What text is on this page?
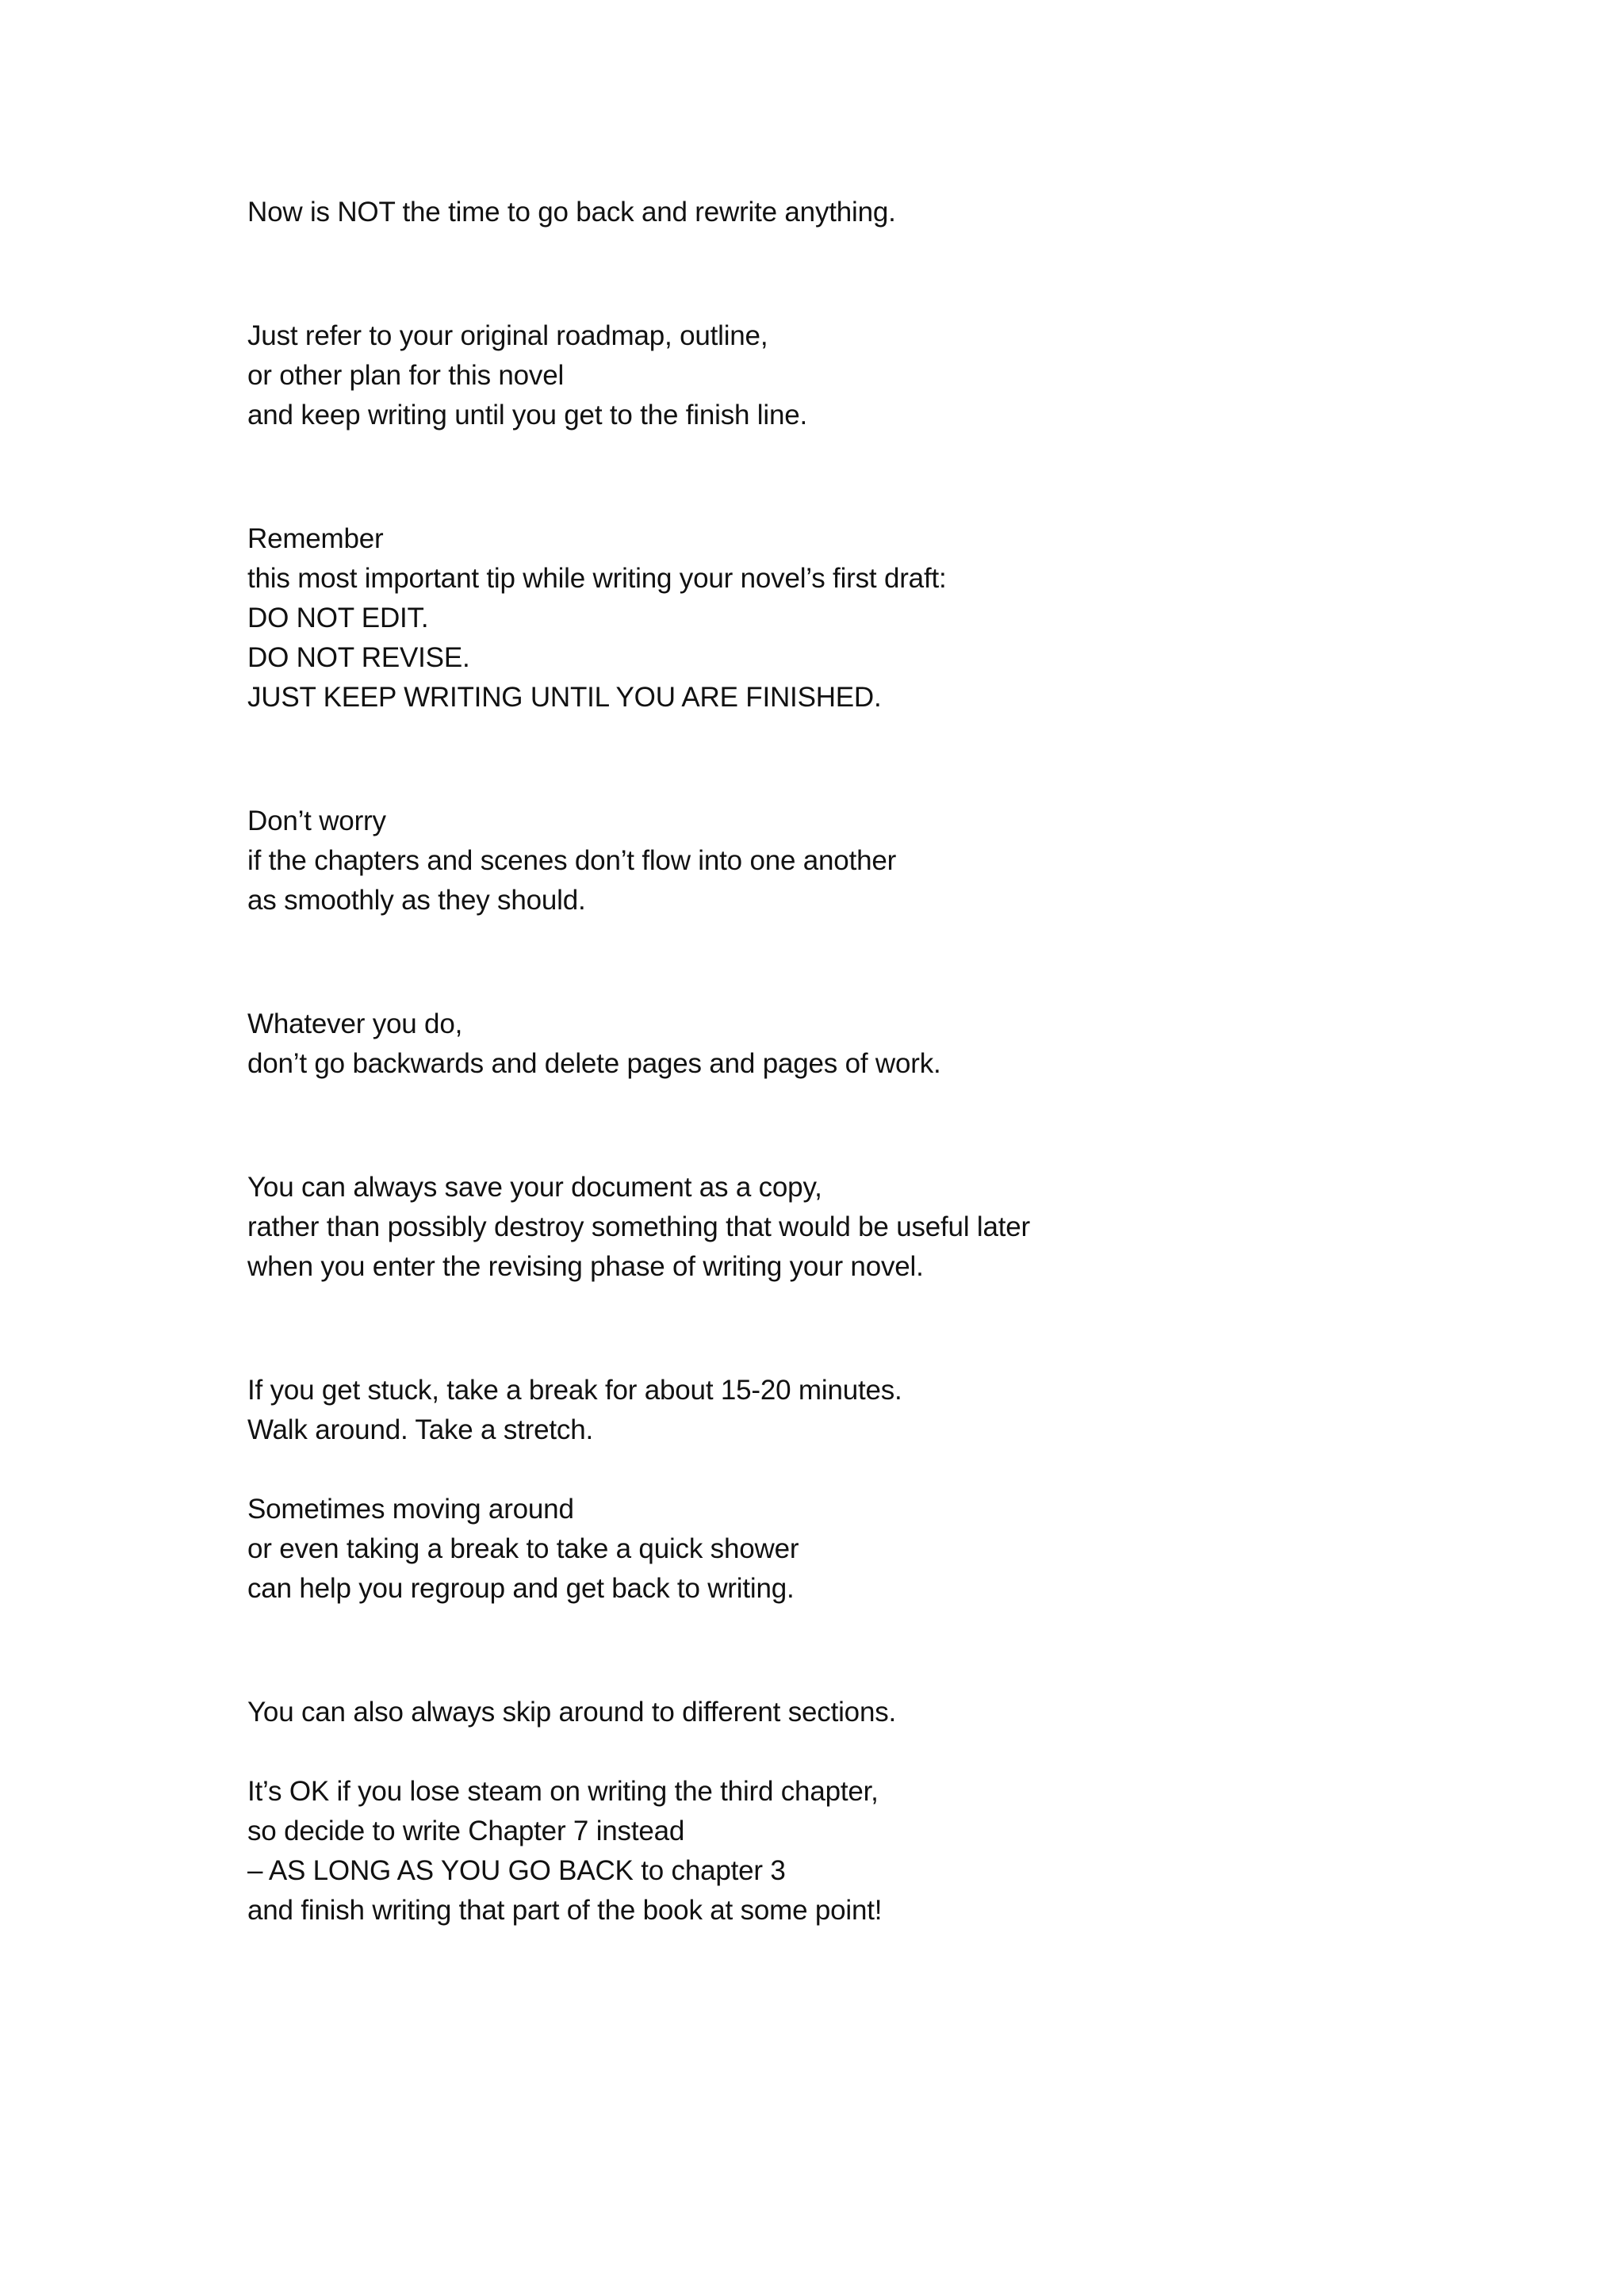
Now is NOT the time to go back and rewrite anything.
Just refer to your original roadmap, outline,
or other plan for this novel
and keep writing until you get to the finish line.
Remember
this most important tip while writing your novel’s first draft:
DO NOT EDIT.
DO NOT REVISE.
JUST KEEP WRITING UNTIL YOU ARE FINISHED.
Don’t worry
if the chapters and scenes don’t flow into one another
as smoothly as they should.
Whatever you do,
don’t go backwards and delete pages and pages of work.
You can always save your document as a copy,
rather than possibly destroy something that would be useful later
when you enter the revising phase of writing your novel.
If you get stuck, take a break for about 15-20 minutes.
Walk around. Take a stretch.
Sometimes moving around
or even taking a break to take a quick shower
can help you regroup and get back to writing.
You can also always skip around to different sections.
It’s OK if you lose steam on writing the third chapter,
so decide to write Chapter 7 instead
– AS LONG AS YOU GO BACK to chapter 3
and finish writing that part of the book at some point!
